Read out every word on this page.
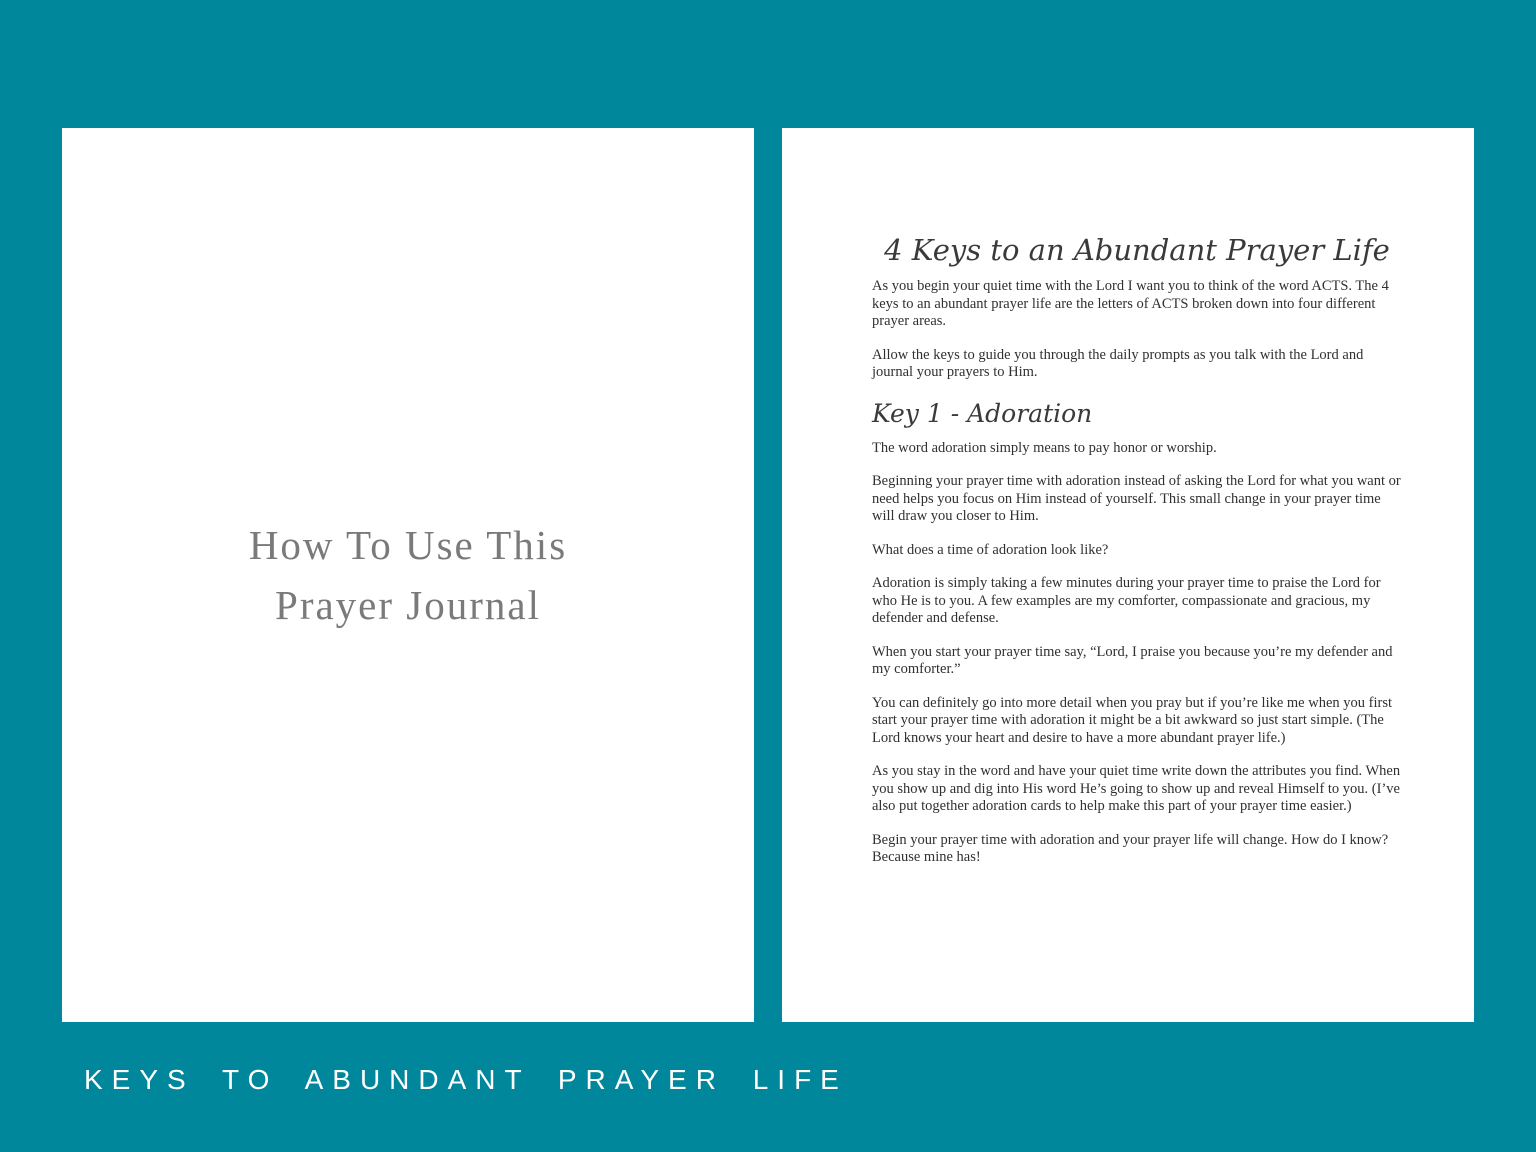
How To Use This
Prayer Journal
4 Keys to an Abundant Prayer Life

As you begin your quiet time with the Lord I want you to think of the word ACTS. The 4 keys to an abundant prayer life are the letters of ACTS broken down into four different prayer areas.

Allow the keys to guide you through the daily prompts as you talk with the Lord and journal your prayers to Him.

Key 1 - Adoration

The word adoration simply means to pay honor or worship.

Beginning your prayer time with adoration instead of asking the Lord for what you want or need helps you focus on Him instead of yourself. This small change in your prayer time will draw you closer to Him.

What does a time of adoration look like?

Adoration is simply taking a few minutes during your prayer time to praise the Lord for who He is to you. A few examples are my comforter, compassionate and gracious, my defender and defense.

When you start your prayer time say, “Lord, I praise you because you’re my defender and my comforter.”

You can definitely go into more detail when you pray but if you’re like me when you first start your prayer time with adoration it might be a bit awkward so just start simple. (The Lord knows your heart and desire to have a more abundant prayer life.)

As you stay in the word and have your quiet time write down the attributes you find. When you show up and dig into His word He’s going to show up and reveal Himself to you. (I’ve also put together adoration cards to help make this part of your prayer time easier.)

Begin your prayer time with adoration and your prayer life will change. How do I know? Because mine has!

KEYS TO ABUNDANT PRAYER LIFE
